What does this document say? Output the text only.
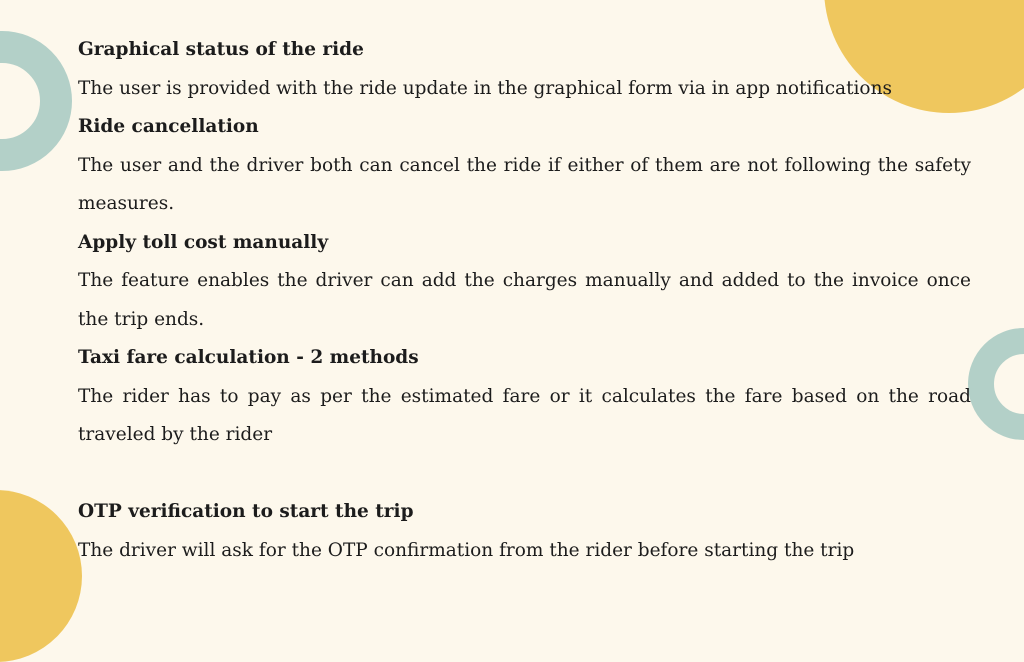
Graphical status of the ride

The user is provided with the ride update in the graphical form via in app notifications

Ride cancellation

The user and the driver both can cancel the ride if either of them are not following the safety measures.

Apply toll cost manually

The feature enables the driver can add the charges manually and added to the invoice once the trip ends.

Taxi fare calculation - 2 methods

The rider has to pay as per the estimated fare or it calculates the fare based on the road traveled by the rider

OTP verification to start the trip

The driver will ask for the OTP confirmation from the rider before starting the trip
